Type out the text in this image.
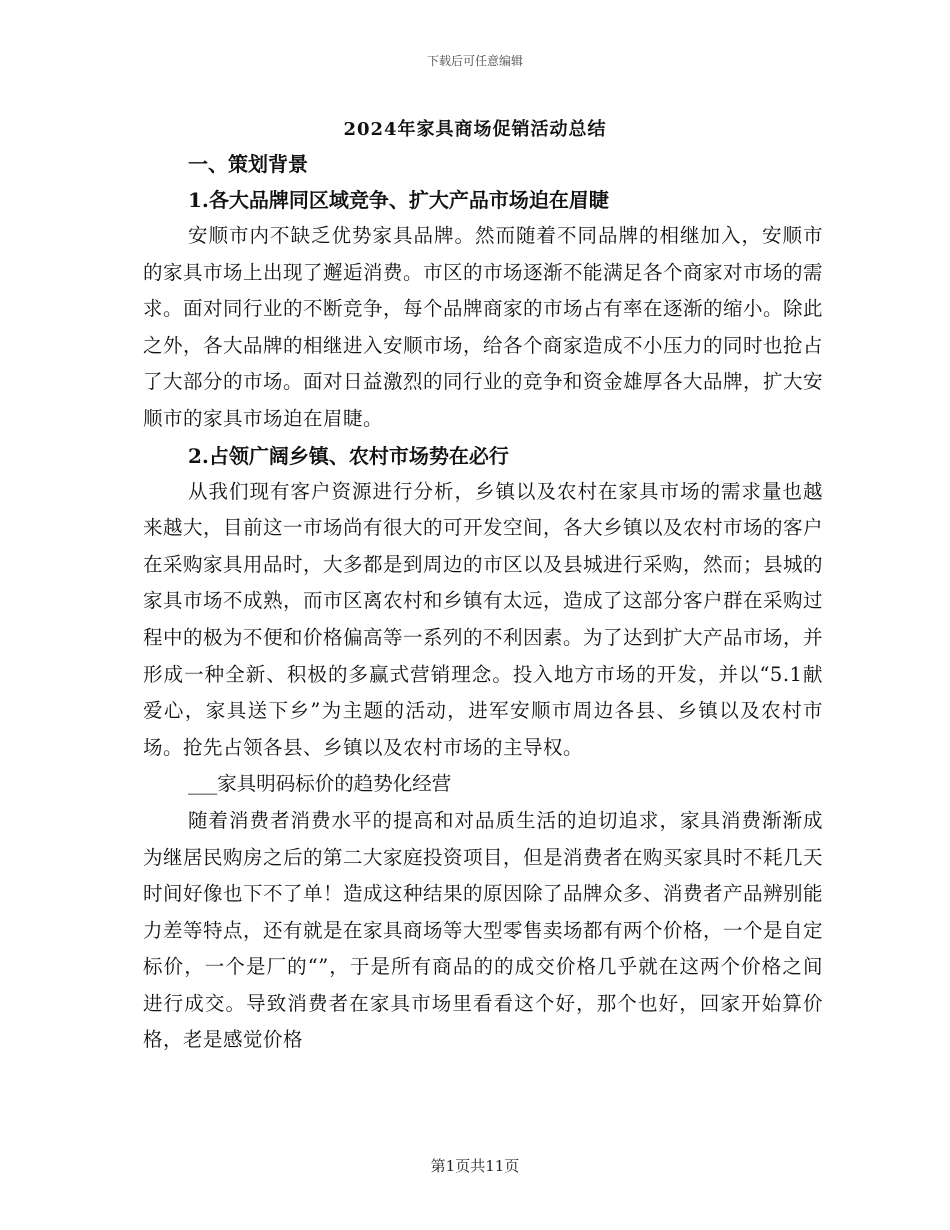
下载后可任意编辑
2024年家具商场促销活动总结
一、策划背景
1.各大品牌同区域竞争、扩大产品市场迫在眉睫

安顺市内不缺乏优势家具品牌。然而随着不同品牌的相继加入，安顺市的家具市场上出现了邂逅消费。市区的市场逐渐不能满足各个商家对市场的需求。面对同行业的不断竞争，每个品牌商家的市场占有率在逐渐的缩小。除此之外，各大品牌的相继进入安顺市场，给各个商家造成不小压力的同时也抢占了大部分的市场。面对日益激烈的同行业的竞争和资金雄厚各大品牌，扩大安顺市的家具市场迫在眉睫。

2.占领广阔乡镇、农村市场势在必行

从我们现有客户资源进行分析，乡镇以及农村在家具市场的需求量也越来越大，目前这一市场尚有很大的可开发空间，各大乡镇以及农村市场的客户在采购家具用品时，大多都是到周边的市区以及县城进行采购，然而；县城的家具市场不成熟，而市区离农村和乡镇有太远，造成了这部分客户群在采购过程中的极为不便和价格偏高等一系列的不利因素。为了达到扩大产品市场，并形成一种全新、积极的多赢式营销理念。投入地方市场的开发，并以“5.1献爱心，家具送下乡”为主题的活动，进军安顺市周边各县、乡镇以及农村市场。抢先占领各县、乡镇以及农村市场的主导权。

___家具明码标价的趋势化经营

随着消费者消费水平的提高和对品质生活的迫切追求，家具消费渐渐成为继居民购房之后的第二大家庭投资项目，但是消费者在购买家具时不耗几天时间好像也下不了单！造成这种结果的原因除了品牌众多、消费者产品辨别能力差等特点，还有就是在家具商场等大型零售卖场都有两个价格，一个是自定标价，一个是厂的“”，于是所有商品的的成交价格几乎就在这两个价格之间进行成交。导致消费者在家具市场里看看这个好，那个也好，回家开始算价格，老是感觉价格

第1页共11页
